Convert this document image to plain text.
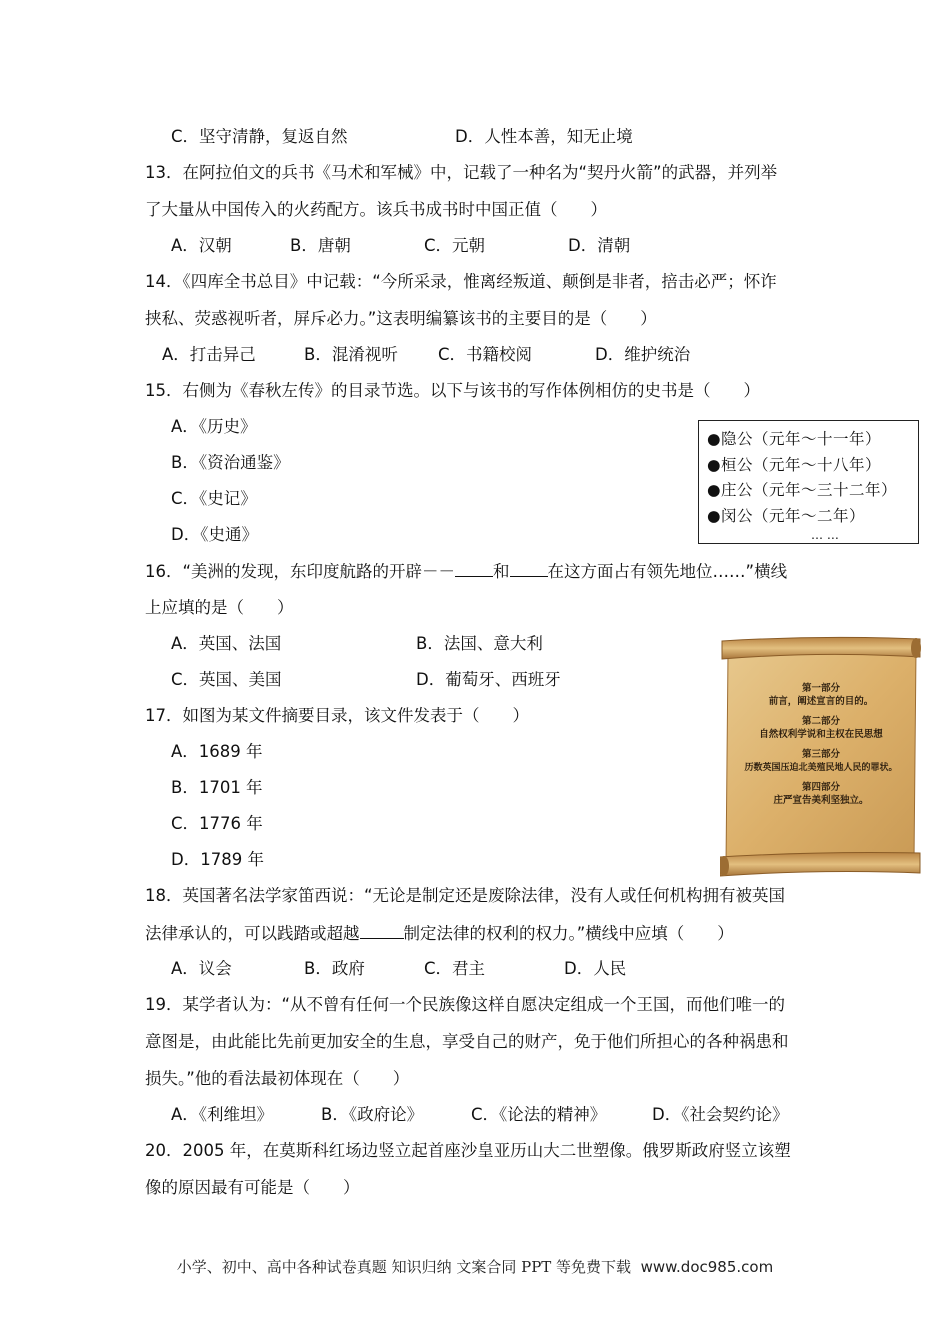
C．坚守清静，复返自然	D．人性本善，知无止境
13．在阿拉伯文的兵书《马术和军械》中，记载了一种名为“契丹火箭”的武器，并列举
了大量从中国传入的火药配方。该兵书成书时中国正值（　　）
A．汉朝	B．唐朝	C．元朝	D．清朝
14．《四库全书总目》中记载：“今所采录，惟离经叛道、颠倒是非者，掊击必严；怀诈
挟私、荧惑视听者，屏斥必力。”这表明编纂该书的主要目的是（　　）
A．打击异己	B．混淆视听 C．书籍校阅	D．维护统治
15．右侧为《春秋左传》的目录节选。以下与该书的写作体例相仿的史书是（　　）
A．《历史》
B．《资治通鉴》
C．《史记》
D．《史通》
●隐公（元年～十一年）
●桓公（元年～十八年）
●庄公（元年～三十二年）
●闵公（元年～二年）
… …
16．“美洲的发现，东印度航路的开辟－－ 和 在这方面占有领先地位……”横线
上应填的是（　　）
A．英国、法国	B．法国、意大利
C．英国、美国	D．葡萄牙、西班牙
17．如图为某文件摘要目录，该文件发表于（　　）
A．1689 年
B．1701 年
C．1776 年
D．1789 年
第一部分
前言，阐述宣言的目的。
第二部分
自然权利学说和主权在民思想
第三部分
历数英国压迫北美殖民地人民的罪状。
第四部分
庄严宣告美利坚独立。
18．英国著名法学家笛西说：“无论是制定还是废除法律，没有人或任何机构拥有被英国
法律承认的，可以践踏或超越	制定法律的权利的权力。”横线中应填（　　）
A．议会	B．政府	C．君主	D．人民
19．某学者认为：“从不曾有任何一个民族像这样自愿决定组成一个王国，而他们唯一的
意图是，由此能比先前更加安全的生息，享受自己的财产，免于他们所担心的各种祸患和
损失。”他的看法最初体现在（　　）
A．《利维坦》	B．《政府论》	C．《论法的精神》	D．《社会契约论》
20．2005 年，在莫斯科红场边竖立起首座沙皇亚历山大二世塑像。俄罗斯政府竖立该塑
像的原因最有可能是（　　）
小学、初中、高中各种试卷真题 知识归纳 文案合同 PPT 等免费下载 www.doc985.com
